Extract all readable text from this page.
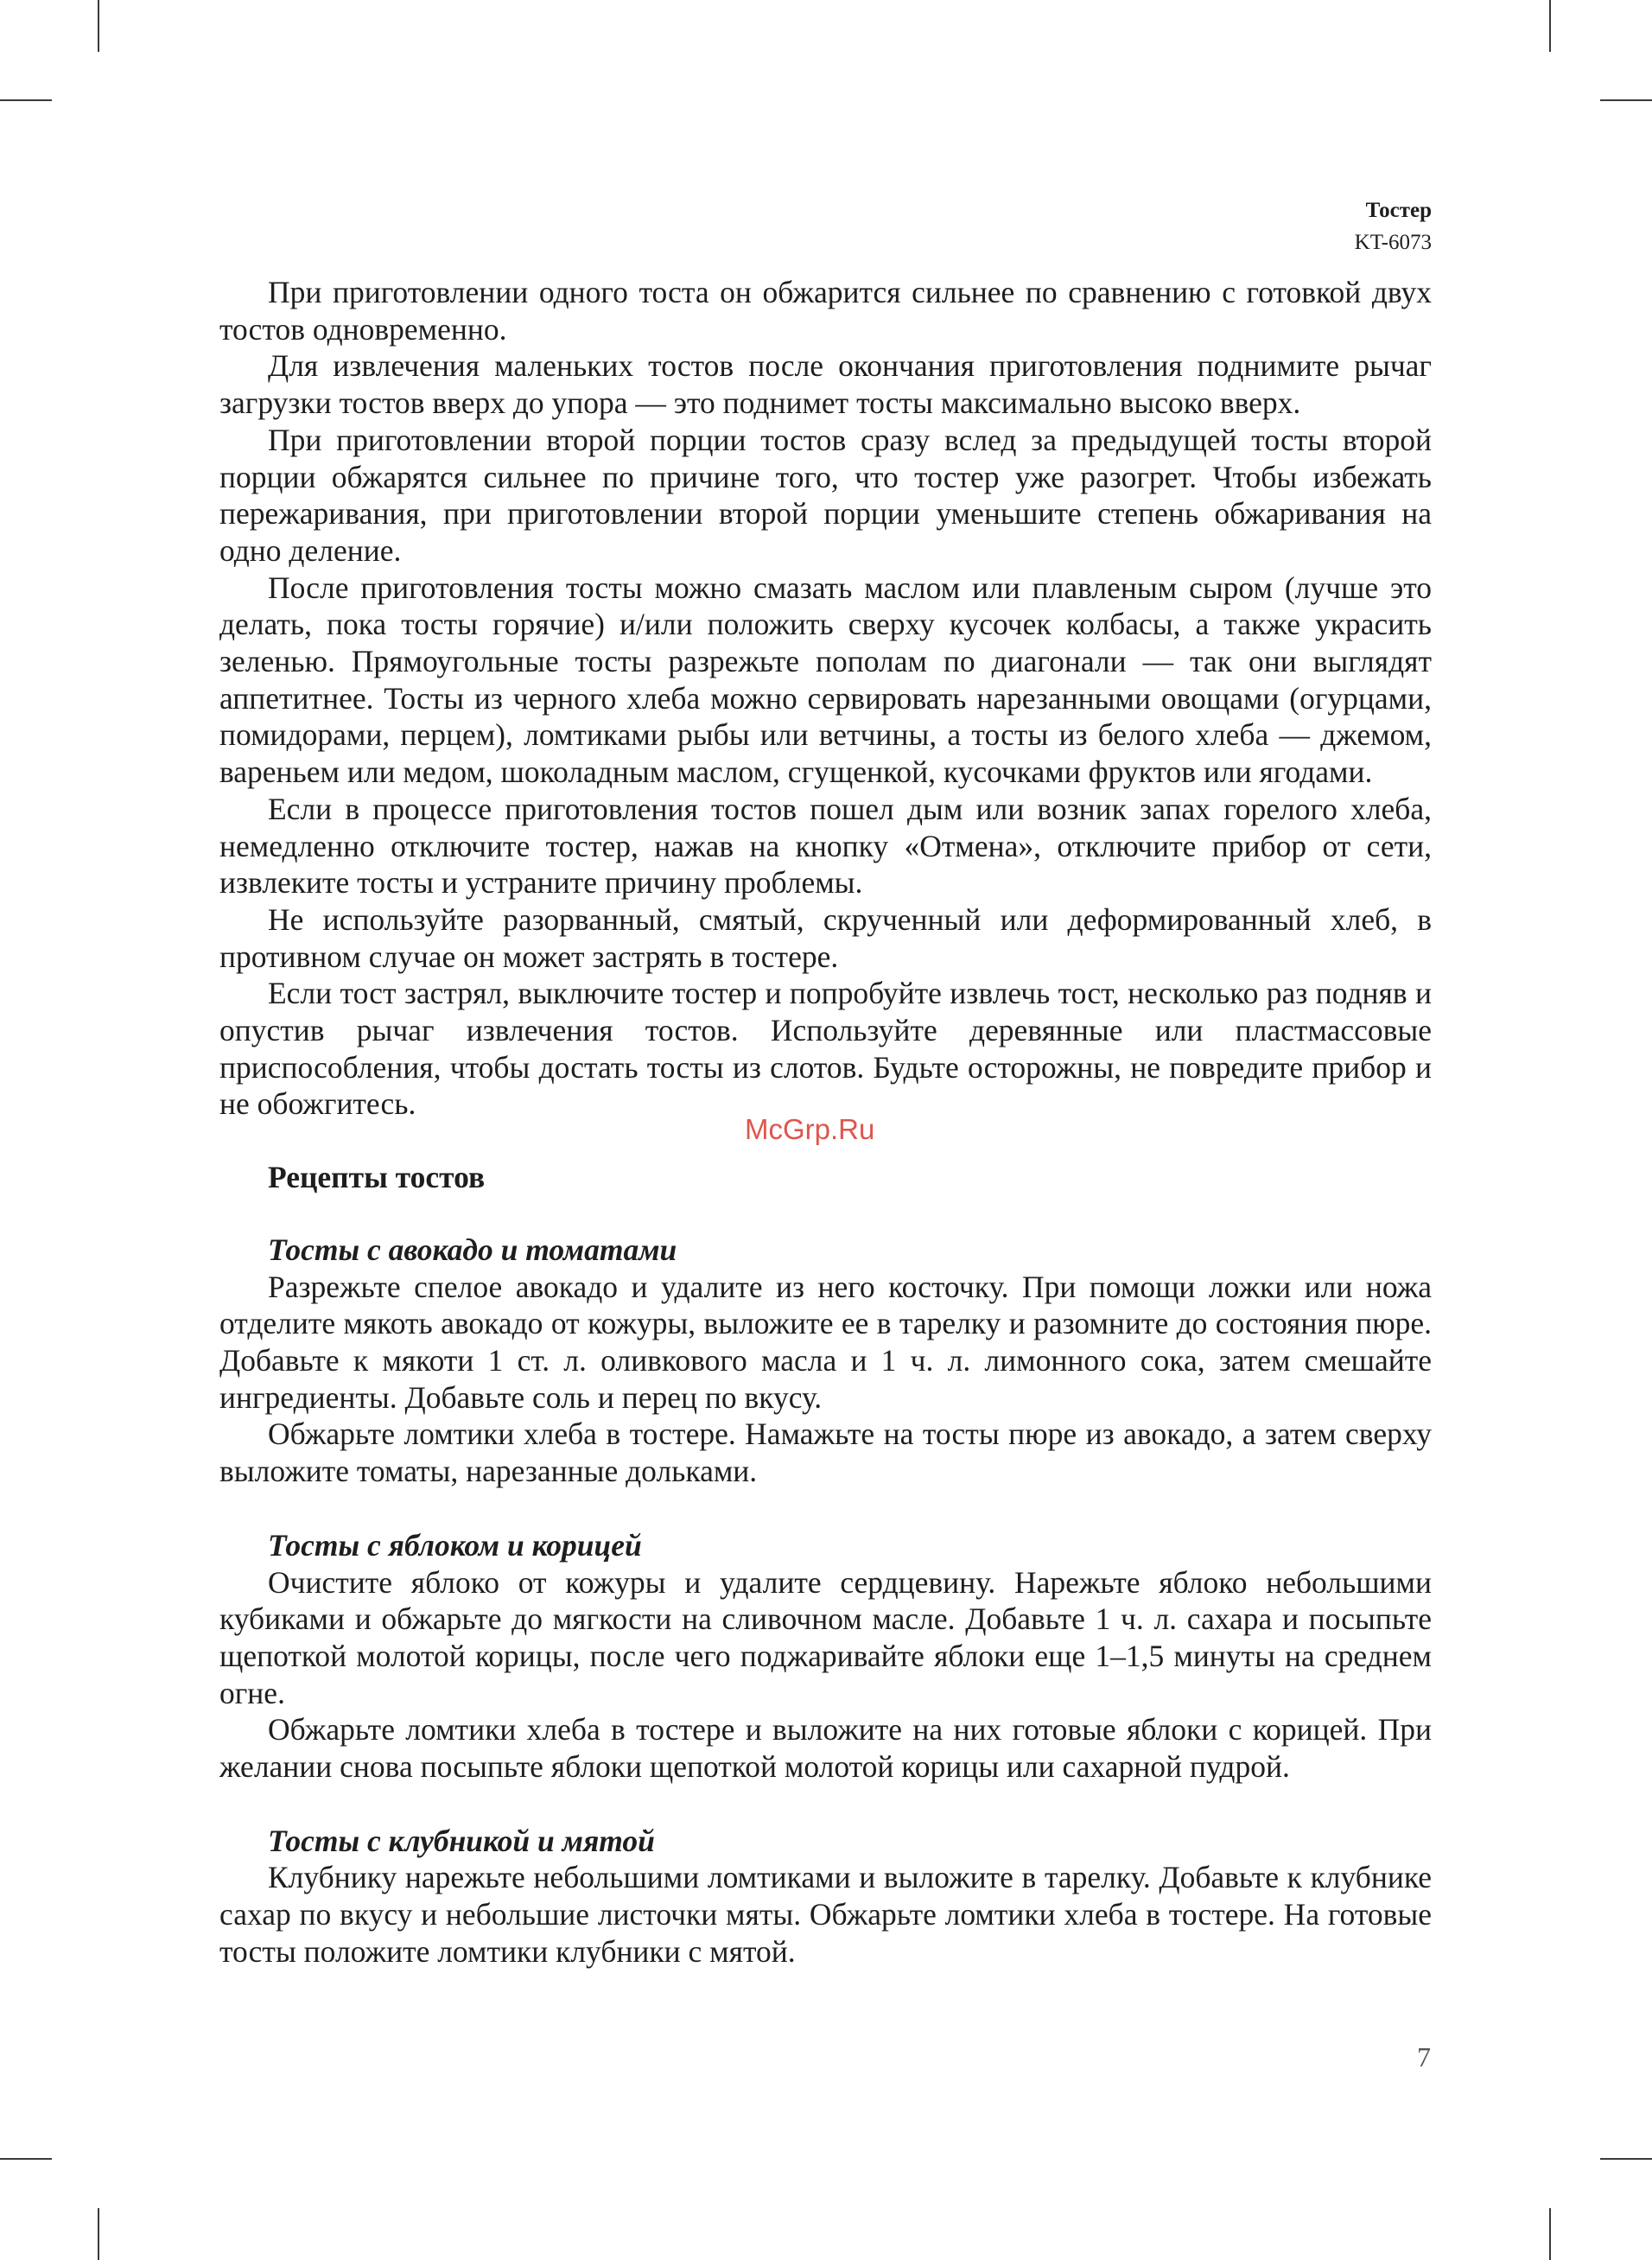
Тостер
KT-6073

При приготовлении одного тоста он обжарится сильнее по сравнению с готовкой двух тостов одновременно.

Для извлечения маленьких тостов после окончания приготовления поднимите рычаг загрузки тостов вверх до упора — это поднимет тосты максимально высоко вверх.

При приготовлении второй порции тостов сразу вслед за предыдущей тосты второй порции обжарятся сильнее по причине того, что тостер уже разогрет. Чтобы избежать пережаривания, при приготовлении второй порции уменьшите степень обжаривания на одно деление.

После приготовления тосты можно смазать маслом или плавленым сыром (лучше это делать, пока тосты горячие) и/или положить сверху кусочек колбасы, а также украсить зеленью. Прямоугольные тосты разрежьте пополам по диагонали — так они выглядят аппетитнее. Тосты из черного хлеба можно сервировать нарезанными овощами (огурцами, помидорами, перцем), ломтиками рыбы или ветчины, а тосты из белого хлеба — джемом, вареньем или медом, шоколадным маслом, сгущенкой, кусочками фруктов или ягодами.

Если в процессе приготовления тостов пошел дым или возник запах горелого хлеба, немедленно отключите тостер, нажав на кнопку «Отмена», отключите прибор от сети, извлеките тосты и устраните причину проблемы.

Не используйте разорванный, смятый, скрученный или деформированный хлеб, в противном случае он может застрять в тостере.

Если тост застрял, выключите тостер и попробуйте извлечь тост, несколько раз подняв и опустив рычаг извлечения тостов. Используйте деревянные или пластмассовые приспособления, чтобы достать тосты из слотов. Будьте осторожны, не повредите прибор и не обожгитесь.

Рецепты тостов
Тосты с авокадо и томатами

Разрежьте спелое авокадо и удалите из него косточку. При помощи ложки или ножа отделите мякоть авокадо от кожуры, выложите ее в тарелку и разомните до состояния пюре. Добавьте к мякоти 1 ст. л. оливкового масла и 1 ч. л. лимонного сока, затем смешайте ингредиенты. Добавьте соль и перец по вкусу.

Обжарьте ломтики хлеба в тостере. Намажьте на тосты пюре из авокадо, а затем сверху выложите томаты, нарезанные дольками.

Тосты с яблоком и корицей

Очистите яблоко от кожуры и удалите сердцевину. Нарежьте яблоко небольшими кубиками и обжарьте до мягкости на сливочном масле. Добавьте 1 ч. л. сахара и посыпьте щепоткой молотой корицы, после чего поджаривайте яблоки еще 1–1,5 минуты на среднем огне.

Обжарьте ломтики хлеба в тостере и выложите на них готовые яблоки с корицей. При желании снова посыпьте яблоки щепоткой молотой корицы или сахарной пудрой.

Тосты с клубникой и мятой

Клубнику нарежьте небольшими ломтиками и выложите в тарелку. Добавьте к клубнике сахар по вкусу и небольшие листочки мяты. Обжарьте ломтики хлеба в тостере. На готовые тосты положите ломтики клубники с мятой.

McGrp.Ru
7
